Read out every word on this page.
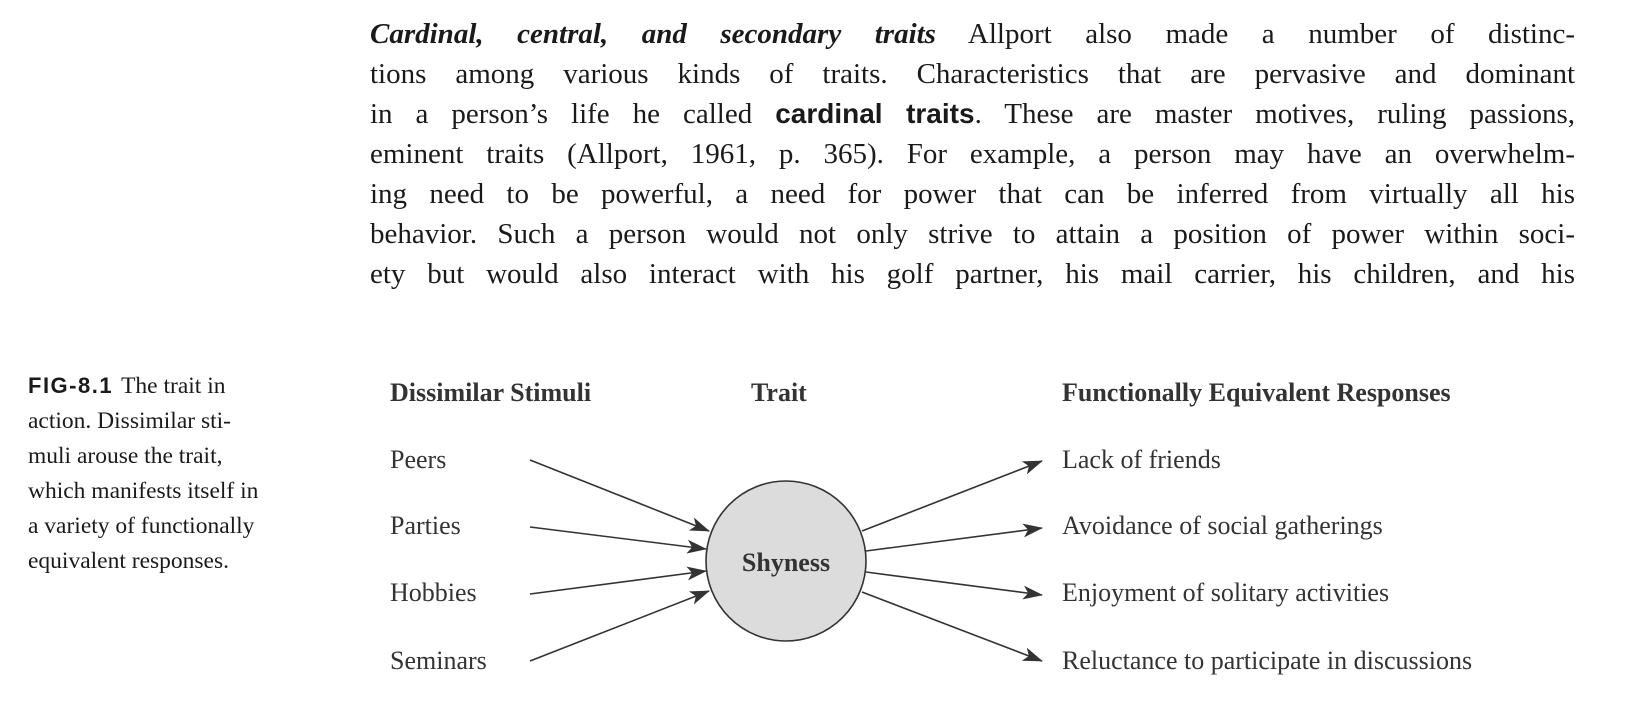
Cardinal, central, and secondary traits Allport also made a number of distinc-
tions among various kinds of traits. Characteristics that are pervasive and dominant
in a person’s life he called cardinal traits. These are master motives, ruling passions,
eminent traits (Allport, 1961, p. 365). For example, a person may have an overwhelm-
ing need to be powerful, a need for power that can be inferred from virtually all his
behavior. Such a person would not only strive to attain a position of power within soci-
ety but would also interact with his golf partner, his mail carrier, his children, and his
FIG-8.1 The trait in
action. Dissimilar sti-
muli arouse the trait,
which manifests itself in
a variety of functionally
equivalent responses.
Dissimilar Stimuli	Trait	Functionally Equivalent Responses
Peers
Parties
Hobbies
Seminars
Shyness
Lack of friends
Avoidance of social gatherings
Enjoyment of solitary activities
Reluctance to participate in discussions
